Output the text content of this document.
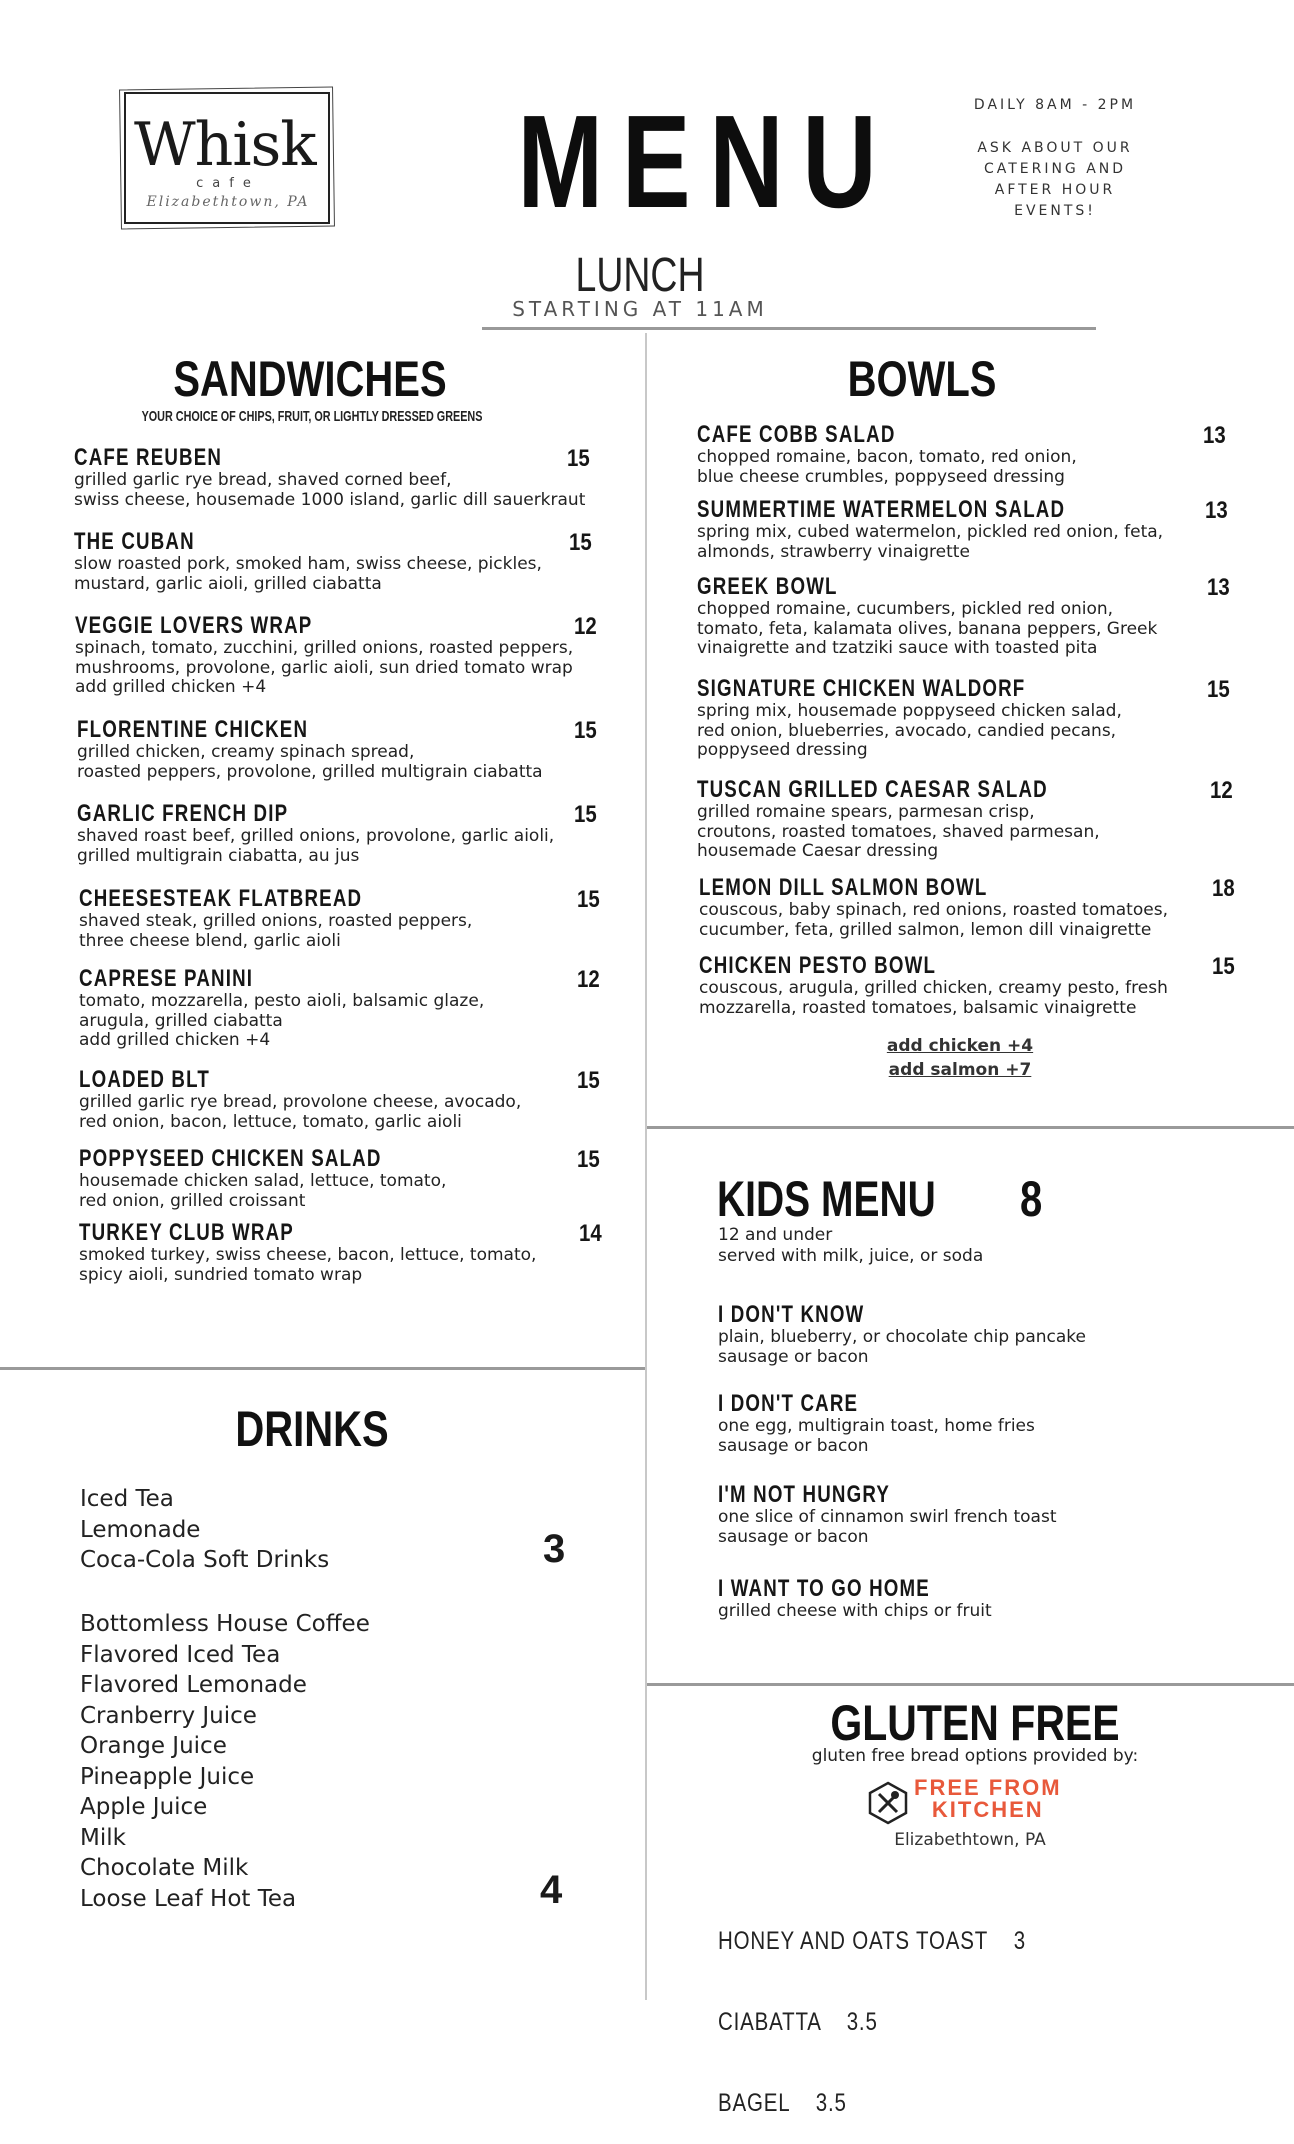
Whisk
cafe
Elizabethtown, PA MENU	DAILY 8AM - 2PM
ASK ABOUT OUR
CATERING AND
AFTER HOUR
EVENTS!
LUNCH
STARTING AT 11AM
SANDWICHES
YOUR CHOICE OF CHIPS, FRUIT, OR LIGHTLY DRESSED GREENS
CAFE REUBEN
grilled garlic rye bread, shaved corned beef,
swiss cheese, housemade 1000 island, garlic dill sauerkraut
15
THE CUBAN
slow roasted pork, smoked ham, swiss cheese, pickles,
mustard, garlic aioli, grilled ciabatta
15
VEGGIE LOVERS WRAP
spinach, tomato, zucchini, grilled onions, roasted peppers,
mushrooms, provolone, garlic aioli, sun dried tomato wrap
add grilled chicken +4
12
FLORENTINE CHICKEN
grilled chicken, creamy spinach spread,
roasted peppers, provolone, grilled multigrain ciabatta
15
GARLIC FRENCH DIP
shaved roast beef, grilled onions, provolone, garlic aioli,
grilled multigrain ciabatta, au jus
15
CHEESESTEAK FLATBREAD
shaved steak, grilled onions, roasted peppers,
three cheese blend, garlic aioli
15
CAPRESE PANINI
tomato, mozzarella, pesto aioli, balsamic glaze,
arugula, grilled ciabatta
add grilled chicken +4
12
LOADED BLT
grilled garlic rye bread, provolone cheese, avocado,
red onion, bacon, lettuce, tomato, garlic aioli
15
POPPYSEED CHICKEN SALAD
housemade chicken salad, lettuce, tomato,
red onion, grilled croissant
15
TURKEY CLUB WRAP
smoked turkey, swiss cheese, bacon, lettuce, tomato,
spicy aioli, sundried tomato wrap
14
BOWLS
CAFE COBB SALAD
chopped romaine, bacon, tomato, red onion,
blue cheese crumbles, poppyseed dressing
13
SUMMERTIME WATERMELON SALAD
spring mix, cubed watermelon, pickled red onion, feta,
almonds, strawberry vinaigrette
13
GREEK BOWL
chopped romaine, cucumbers, pickled red onion,
tomato, feta, kalamata olives, banana peppers, Greek
vinaigrette and tzatziki sauce with toasted pita
13
SIGNATURE CHICKEN WALDORF
spring mix, housemade poppyseed chicken salad,
red onion, blueberries, avocado, candied pecans,
poppyseed dressing
15
TUSCAN GRILLED CAESAR SALAD
grilled romaine spears, parmesan crisp,
croutons, roasted tomatoes, shaved parmesan,
housemade Caesar dressing
12
LEMON DILL SALMON BOWL
couscous, baby spinach, red onions, roasted tomatoes,
cucumber, feta, grilled salmon, lemon dill vinaigrette
18
CHICKEN PESTO BOWL
couscous, arugula, grilled chicken, creamy pesto, fresh
mozzarella, roasted tomatoes, balsamic vinaigrette
15
add chicken +4
add salmon +7
DRINKS
Iced Tea
Lemonade
Coca-Cola Soft Drinks	3
Bottomless House Coffee
Flavored Iced Tea
Flavored Lemonade
Cranberry Juice
Orange Juice
Pineapple Juice
Apple Juice
Milk
Chocolate Milk
Loose Leaf Hot Tea	4
KIDS MENU 8
12 and under
served with milk, juice, or soda
I DON'T KNOW
plain, blueberry, or chocolate chip pancake
sausage or bacon
I DON'T CARE
one egg, multigrain toast, home fries
sausage or bacon
I'M NOT HUNGRY
one slice of cinnamon swirl french toast
sausage or bacon
I WANT TO GO HOME
grilled cheese with chips or fruit
GLUTEN FREE
gluten free bread options provided by:
FREE FROM
KITCHEN
Elizabethtown, PA

HONEY AND OATS TOAST 3

CIABATTA 3.5

BAGEL 3.5
